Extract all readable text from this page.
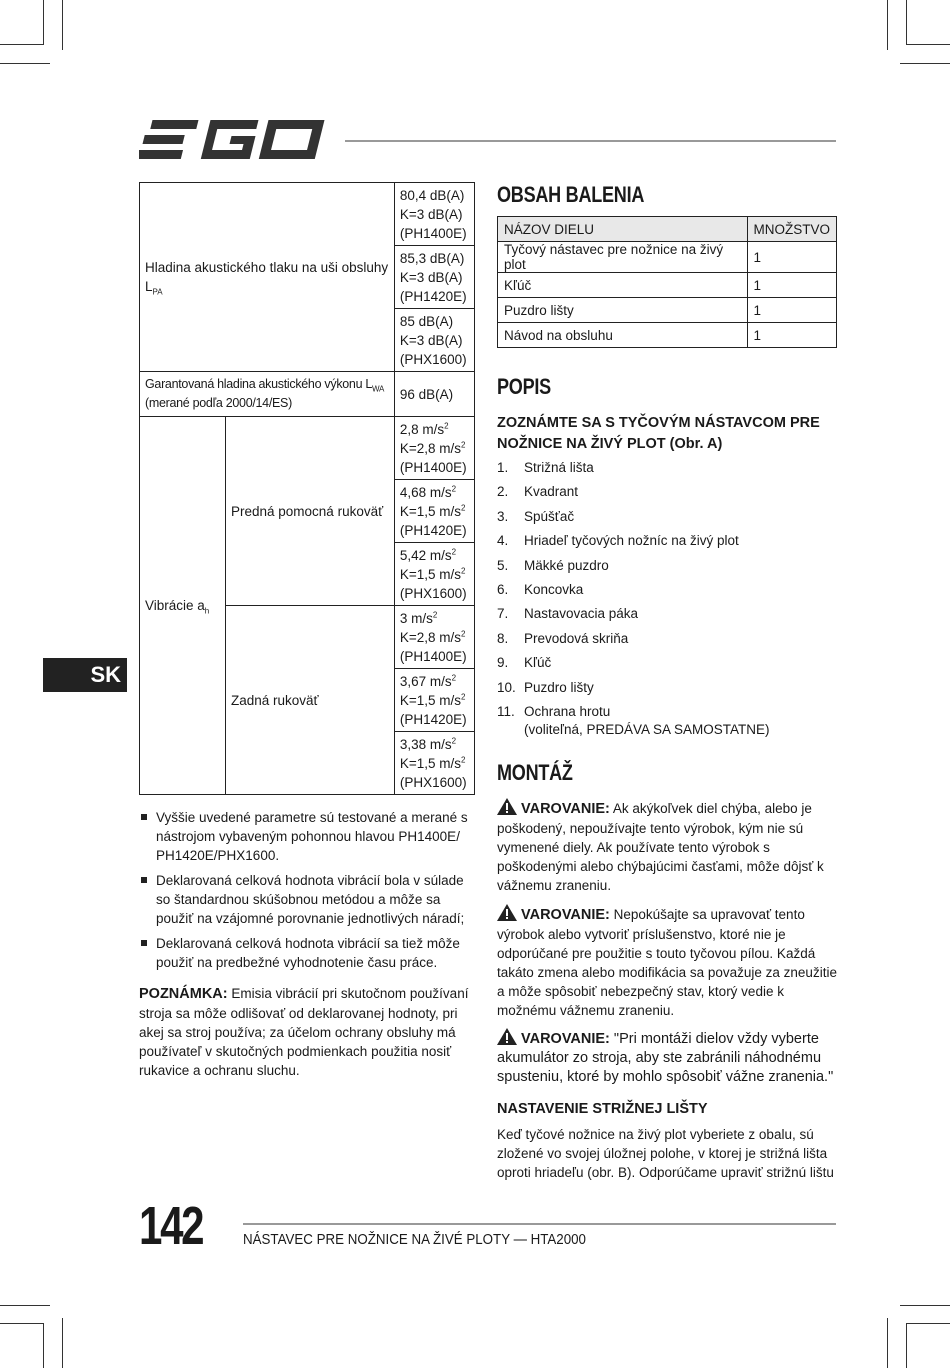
Hladina akustického tlaku na uši obsluhy $L_{PA}$		80,4 dB(A)
K=3 dB(A)
(PH1400E)

		85,3 dB(A)
K=3 dB(A)
(PH1420E)

		85 dB(A)
K=3 dB(A)
(PHX1600)

Garantovaná hladina akustického výkonu $L_{WA}$
(merané podľa 2000/14/ES)		96 dB(A)
Vibrácie $a_h$	Predná pomocná rukoväť	2,8 $m/s^2$
K=2,8 $m/s^2$
(PH1400E)

		4,68 $m/s^2$
K=1,5 $m/s^2$
(PH1420E)

		5,42 $m/s^2$
K=1,5 $m/s^2$
(PHX1600)

	Zadná rukoväť	3 $m/s^2$
K=2,8 $m/s^2$
(PH1400E)

		3,67 $m/s^2$
K=1,5 $m/s^2$
(PH1420E)

		3,38 $m/s^2$
K=1,5 $m/s^2$
(PHX1600)
Vyššie uvedené parametre sú testované a merané s nástrojom vybaveným pohonnou hlavou PH1400E/ PH1420E/PHX1600.
Deklarovaná celková hodnota vibrácií bola v súlade so štandardnou skúšobnou metódou a môže sa použiť na vzájomné porovnanie jednotlivých náradí;
Deklarovaná celková hodnota vibrácií sa tiež môže použiť na predbežné vyhodnotenie času práce.
POZNÁMKA: Emisia vibrácií pri skutočnom používaní stroja sa môže odlišovať od deklarovanej hodnoty, pri akej sa stroj používa; za účelom ochrany obsluhy má používateľ v skutočných podmienkach použitia nosiť rukavice a ochranu sluchu.
SK
OBSAH BALENIA
NÁZOV DIELU	MNOŽSTVO
Tyčový nástavec pre nožnice na živý plot	1
Kľúč	1
Puzdro lišty	1
Návod na obsluhu	1
POPIS
ZOZNÁMTE SA S TYČOVÝM NÁSTAVCOM PRE NOŽNICE NA ŽIVÝ PLOT (Obr. A)
1.	Strižná lišta
2.	Kvadrant
3.	Spúšťač
4.	Hriadeľ tyčových nožníc na živý plot
5.	Mäkké puzdro
6.	Koncovka
7.	Nastavovacia páka
8.	Prevodová skriňa
9.	Kľúč
10. Puzdro lišty
11. Ochrana hrotu
(voliteľná, PREDÁVA SA SAMOSTATNE)
MONTÁŽ
VAROVANIE: Ak akýkoľvek diel chýba, alebo je poškodený, nepoužívajte tento výrobok, kým nie sú vymenené diely. Ak používate tento výrobok s poškodenými alebo chýbajúcimi časťami, môže dôjsť k vážnemu zraneniu.
VAROVANIE: Nepokúšajte sa upravovať tento výrobok alebo vytvoriť príslušenstvo, ktoré nie je odporúčané pre použitie s touto tyčovou pílou. Každá takáto zmena alebo modifikácia sa považuje za zneužitie a môže spôsobiť nebezpečný stav, ktorý vedie k možnému vážnemu zraneniu.
VAROVANIE: "Pri montáži dielov vždy vyberte akumulátor zo stroja, aby ste zabránili náhodnému spusteniu, ktoré by mohlo spôsobiť vážne zranenia."
NASTAVENIE STRIŽNEJ LIŠTY
Keď tyčové nožnice na živý plot vyberiete z obalu, sú zložené vo svojej úložnej polohe, v ktorej je strižná lišta oproti hriadeľu (obr. B). Odporúčame upraviť strižnú lištu
142	NÁSTAVEC PRE NOŽNICE NA ŽIVÉ PLOTY — HTA2000
